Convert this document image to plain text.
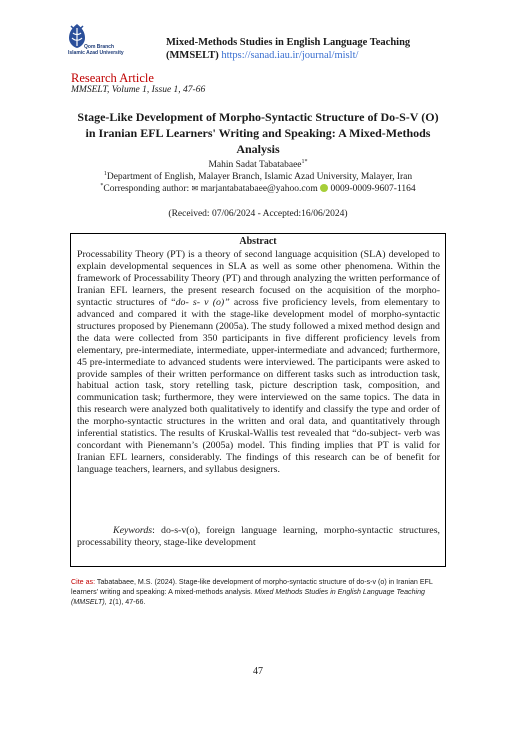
Qom Branch
Islamic Azad University
Mixed-Methods Studies in English Language Teaching
(MMSELT) https://sanad.iau.ir/journal/mislt/
Research Article
MMSELT, Volume 1, Issue 1, 47-66
Stage-Like Development of Morpho-Syntactic Structure of Do-S-V (O)
in Iranian EFL Learners' Writing and Speaking: A Mixed-Methods
Analysis
Mahin Sadat Tabatabaee$^{1*}$
$^1$Department of English, Malayer Branch, Islamic Azad University, Malayer, Iran
*Corresponding author: ✉ marjantabatabaee@yahoo.com 0009-0009-9607-1164
(Received: 07/06/2024 - Accepted:16/06/2024)
Abstract

Processability Theory (PT) is a theory of second language acquisition (SLA) developed to explain developmental sequences in SLA as well as some other phenomena. Within the framework of Processability Theory (PT) and through analyzing the written performance of Iranian EFL learners, the present research focused on the acquisition of the morpho-syntactic structures of “do- s- v (o)” across five proficiency levels, from elementary to advanced and compared it with the stage-like development model of morpho-syntactic structures proposed by Pienemann (2005a). The study followed a mixed method design and the data were collected from 350 participants in five different proficiency levels from elementary, pre-intermediate, intermediate, upper-intermediate and advanced; furthermore, 45 pre-intermediate to advanced students were interviewed. The participants were asked to provide samples of their written performance on different tasks such as introduction task, habitual action task, story retelling task, picture description task, composition, and communication task; furthermore, they were interviewed on the same topics. The data in this research were analyzed both qualitatively to identify and classify the type and order of the morpho-syntactic structures in the written and oral data, and quantitatively through inferential statistics. The results of Kruskal-Wallis test revealed that “do-subject- verb was concordant with Pienemann’s (2005a) model. This finding implies that PT is valid for Iranian EFL learners, considerably. The findings of this research can be of benefit for language teachers, learners, and syllabus designers.

Keywords: do-s-v(o), foreign language learning, morpho-syntactic structures, processability theory, stage-like development

Cite as: Tabatabaee, M.S. (2024). Stage-like development of morpho-syntactic structure of do-s-v (o) in Iranian EFL learners’ writing and speaking: A mixed-methods analysis. Mixed Methods Studies in English Language Teaching (MMSELT), 1(1), 47-66.

47
